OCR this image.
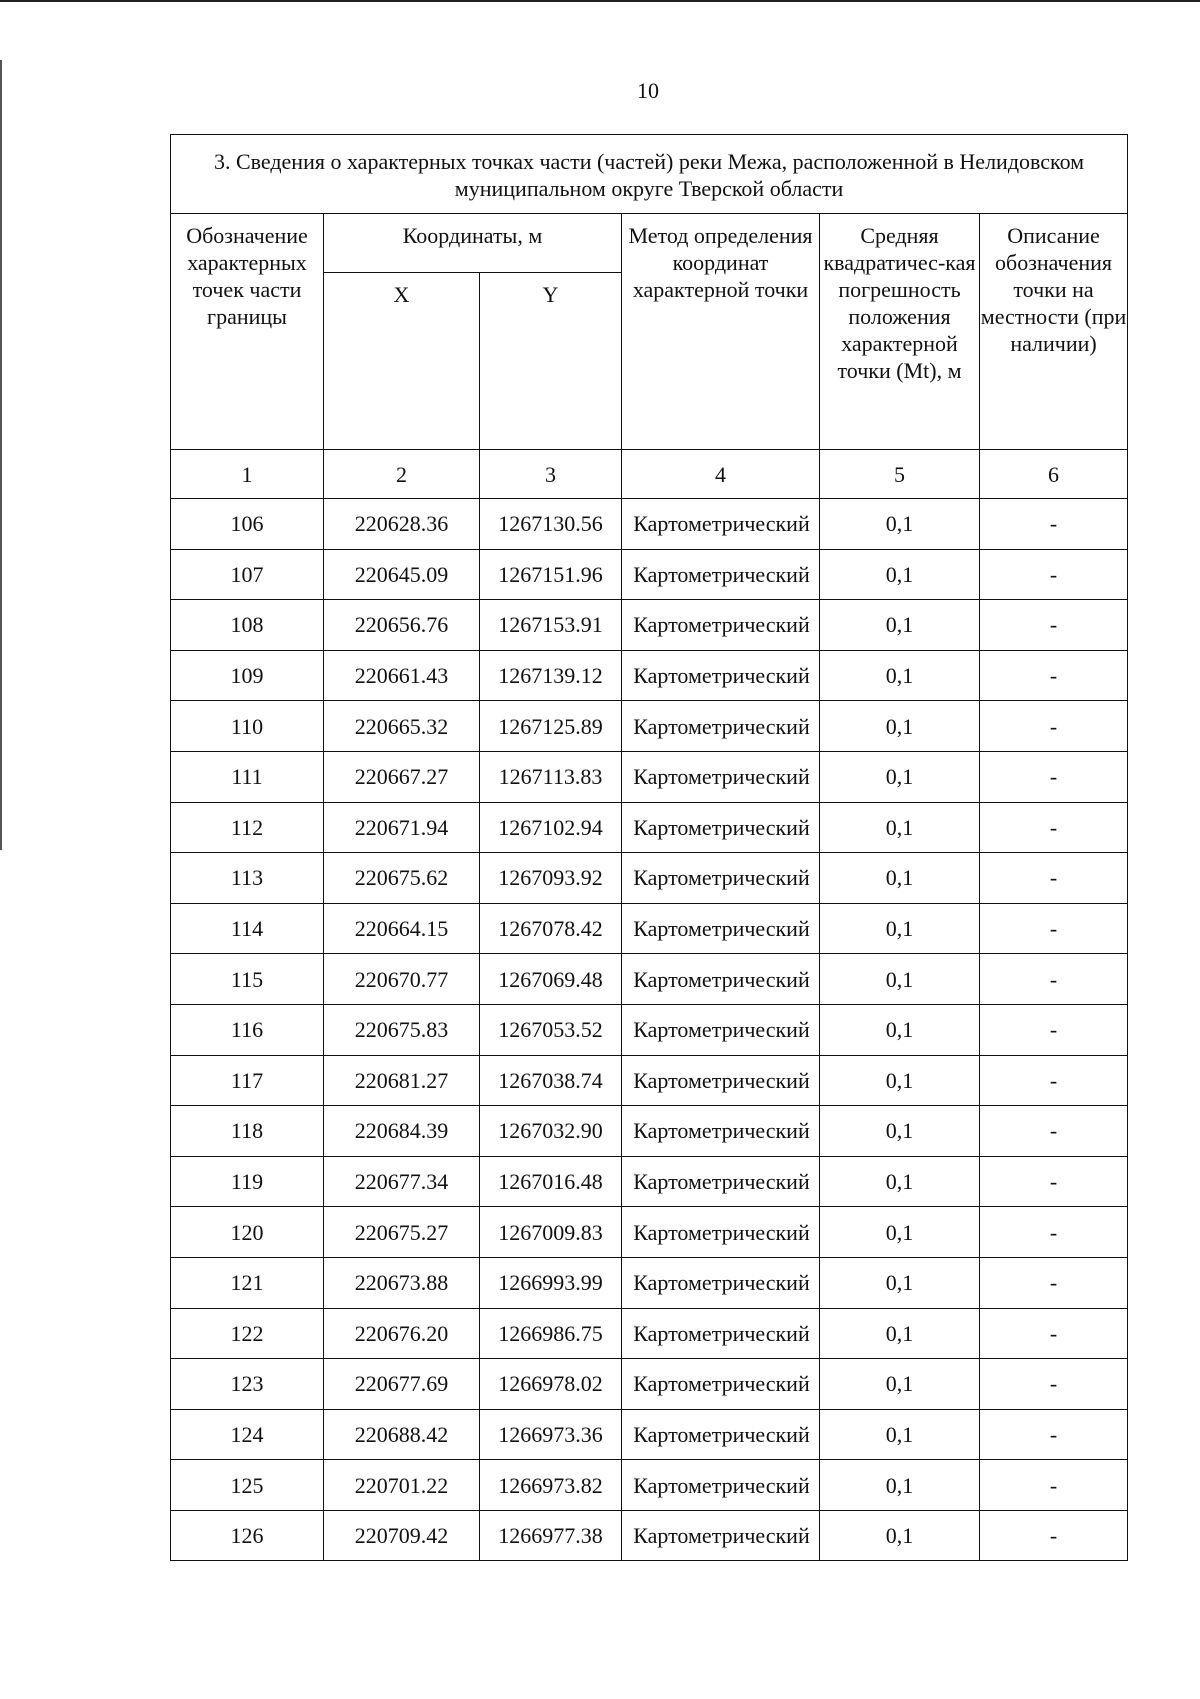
10
3. Сведения о характерных точках части (частей) реки Межа, расположенной в Нелидовском муниципальном округе Тверской области					
Обозначение характерных точек части границы	Координаты, м		Метод определения координат характерной точки	Средняя квадратичес-кая погрешность положения характерной точки (Mt), м	Описание обозначения точки на местности (при наличии)
	X	Y			
1	2	3	4	5	6
106	220628.36	1267130.56	Картометрический	0,1	-
107	220645.09	1267151.96	Картометрический	0,1	-
108	220656.76	1267153.91	Картометрический	0,1	-
109	220661.43	1267139.12	Картометрический	0,1	-
110	220665.32	1267125.89	Картометрический	0,1	-
111	220667.27	1267113.83	Картометрический	0,1	-
112	220671.94	1267102.94	Картометрический	0,1	-
113	220675.62	1267093.92	Картометрический	0,1	-
114	220664.15	1267078.42	Картометрический	0,1	-
115	220670.77	1267069.48	Картометрический	0,1	-
116	220675.83	1267053.52	Картометрический	0,1	-
117	220681.27	1267038.74	Картометрический	0,1	-
118	220684.39	1267032.90	Картометрический	0,1	-
119	220677.34	1267016.48	Картометрический	0,1	-
120	220675.27	1267009.83	Картометрический	0,1	-
121	220673.88	1266993.99	Картометрический	0,1	-
122	220676.20	1266986.75	Картометрический	0,1	-
123	220677.69	1266978.02	Картометрический	0,1	-
124	220688.42	1266973.36	Картометрический	0,1	-
125	220701.22	1266973.82	Картометрический	0,1	-
126	220709.42	1266977.38	Картометрический	0,1	-
